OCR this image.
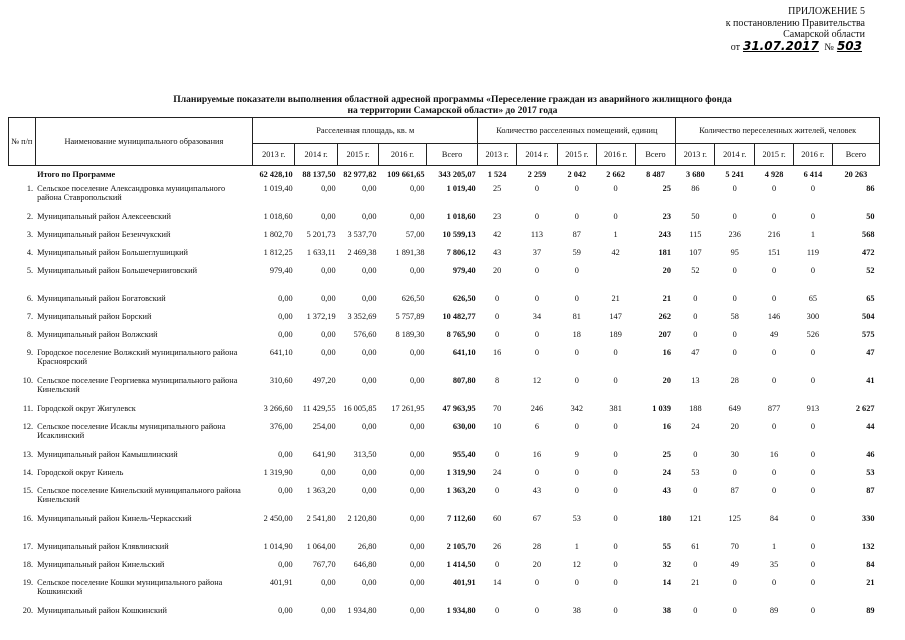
ПРИЛОЖЕНИЕ 5
к постановлению Правительства
Самарской области
от 31.07.2017 № 503
Планируемые показатели выполнения областной адресной программы «Переселение граждан из аварийного жилищного фонда
на территории Самарской области» до 2017 года
№ п/п	Наименование муниципального образования	Расселенная площадь, кв. м					Количество расселенных помещений, единиц					Количество переселенных жителей, человек				
		2013 г.	2014 г.	2015 г.	2016 г.	Всего	2013 г.	2014 г.	2015 г.	2016 г.	Всего	2013 г.	2014 г.	2015 г.	2016 г.	Всего
	Итого по Программе	62 428,10	88 137,50	82 977,82	109 661,65	343 205,07	1 524	2 259	2 042	2 662	8 487	3 680	5 241	4 928	6 414	20 263
1.	Сельское поселение Александровка муниципального района Ставропольский	1 019,40	0,00	0,00	0,00	1 019,40	25	0	0	0	25	86	0	0	0	86
2.	Муниципальный район Алексеевский	1 018,60	0,00	0,00	0,00	1 018,60	23	0	0	0	23	50	0	0	0	50
3.	Муниципальный район Безенчукский	1 802,70	5 201,73	3 537,70	57,00	10 599,13	42	113	87	1	243	115	236	216	1	568
4.	Муниципальный район Большеглушицкий	1 812,25	1 633,11	2 469,38	1 891,38	7 806,12	43	37	59	42	181	107	95	151	119	472
5.	Муниципальный район Большечерниговский	979,40	0,00	0,00	0,00	979,40	20	0	0		20	52	0	0	0	52
6.	Муниципальный район Богатовский	0,00	0,00	0,00	626,50	626,50	0	0	0	21	21	0	0	0	65	65
7.	Муниципальный район Борский	0,00	1 372,19	3 352,69	5 757,89	10 482,77	0	34	81	147	262	0	58	146	300	504
8.	Муниципальный район Волжский	0,00	0,00	576,60	8 189,30	8 765,90	0	0	18	189	207	0	0	49	526	575
9.	Городское поселение Волжский муниципального района Красноярский	641,10	0,00	0,00	0,00	641,10	16	0	0	0	16	47	0	0	0	47
10.	Сельское поселение Георгиевка муниципального района Кинельский	310,60	497,20	0,00	0,00	807,80	8	12	0	0	20	13	28	0	0	41
11.	Городской округ Жигулевск	3 266,60	11 429,55	16 005,85	17 261,95	47 963,95	70	246	342	381	1 039	188	649	877	913	2 627
12.	Сельское поселение Исаклы муниципального района Исаклинский	376,00	254,00	0,00	0,00	630,00	10	6	0	0	16	24	20	0	0	44
13.	Муниципальный район Камышлинский	0,00	641,90	313,50	0,00	955,40	0	16	9	0	25	0	30	16	0	46
14.	Городской округ Кинель	1 319,90	0,00	0,00	0,00	1 319,90	24	0	0	0	24	53	0	0	0	53
15.	Сельское поселение Кинельский муниципального района Кинельский	0,00	1 363,20	0,00	0,00	1 363,20	0	43	0	0	43	0	87	0	0	87
16.	Муниципальный район Кинель-Черкасский	2 450,00	2 541,80	2 120,80	0,00	7 112,60	60	67	53	0	180	121	125	84	0	330
17.	Муниципальный район Клявлинский	1 014,90	1 064,00	26,80	0,00	2 105,70	26	28	1	0	55	61	70	1	0	132
18.	Муниципальный район Кинельский	0,00	767,70	646,80	0,00	1 414,50	0	20	12	0	32	0	49	35	0	84
19.	Сельское поселение Кошки муниципального района Кошкинский	401,91	0,00	0,00	0,00	401,91	14	0	0	0	14	21	0	0	0	21
20.	Муниципальный район Кошкинский	0,00	0,00	1 934,80	0,00	1 934,80	0	0	38	0	38	0	0	89	0	89
